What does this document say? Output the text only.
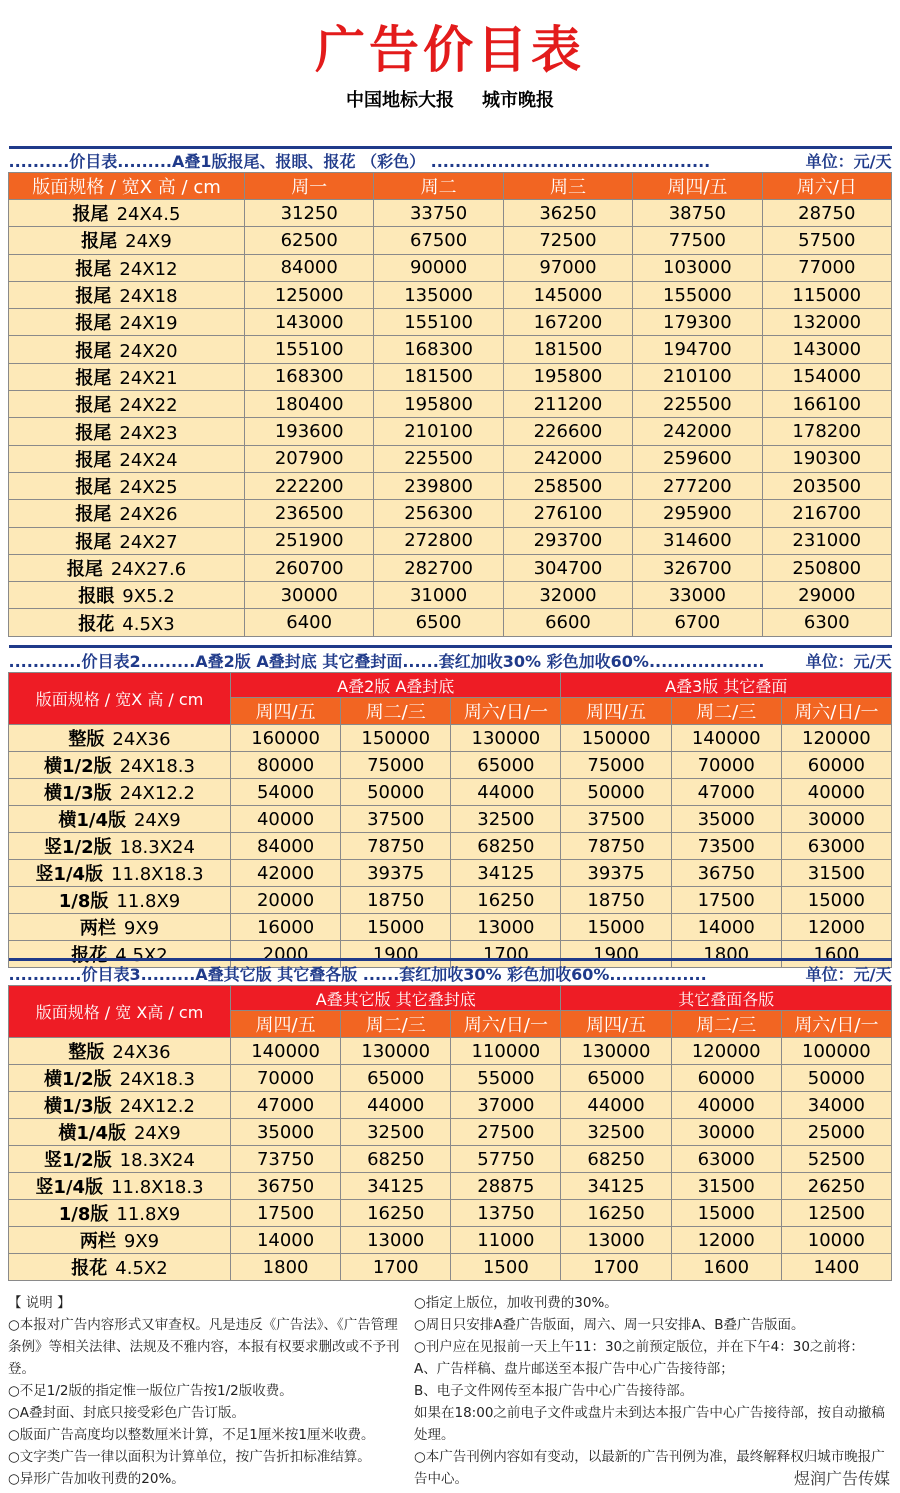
广告价目表
中国地标大报 城市晚报
..........价目表.........A叠1版报尾、报眼、报花 （彩色） .............................................. 单位：元/天					

版面规格 / 宽X 高 / cm	周一	周二	周三	周四/五	周六/日
报尾 24X4.5	31250	33750	36250	38750	28750
报尾 24X9	62500	67500	72500	77500	57500
报尾 24X12	84000	90000	97000	103000	77000
报尾 24X18	125000	135000	145000	155000	115000
报尾 24X19	143000	155100	167200	179300	132000
报尾 24X20	155100	168300	181500	194700	143000
报尾 24X21	168300	181500	195800	210100	154000
报尾 24X22	180400	195800	211200	225500	166100
报尾 24X23	193600	210100	226600	242000	178200
报尾 24X24	207900	225500	242000	259600	190300
报尾 24X25	222200	239800	258500	277200	203500
报尾 24X26	236500	256300	276100	295900	216700
报尾 24X27	251900	272800	293700	314600	231000
报尾 24X27.6	260700	282700	304700	326700	250800
报眼 9X5.2	30000	31000	32000	33000	29000
报花 4.5X3	6400	6500	6600	6700	6300
............价目表2.........A叠2版 A叠封底 其它叠封面......套红加收30% 彩色加收60%................... 单位：元/天						

版面规格 / 宽X 高 / cm	A叠2版 A叠封底			A叠3版 其它叠面		
	周四/五	周二/三	周六/日/一	周四/五	周二/三	周六/日/一
整版 24X36	160000	150000	130000	150000	140000	120000
横1/2版 24X18.3	80000	75000	65000	75000	70000	60000
横1/3版 24X12.2	54000	50000	44000	50000	47000	40000
横1/4版 24X9	40000	37500	32500	37500	35000	30000
竖1/2版 18.3X24	84000	78750	68250	78750	73500	63000
竖1/4版 11.8X18.3	42000	39375	34125	39375	36750	31500
1/8版 11.8X9	20000	18750	16250	18750	17500	15000
两栏 9X9	16000	15000	13000	15000	14000	12000
报花 4.5X2	2000	1900	1700	1900	1800	1600
............价目表3.........A叠其它版 其它叠各版 ......套红加收30% 彩色加收60%................ 单位：元/天						

版面规格 / 宽 X高 / cm	A叠其它版 其它叠封底			其它叠面各版		
	周四/五	周二/三	周六/日/一	周四/五	周二/三	周六/日/一
整版 24X36	140000	130000	110000	130000	120000	100000
横1/2版 24X18.3	70000	65000	55000	65000	60000	50000
横1/3版 24X12.2	47000	44000	37000	44000	40000	34000
横1/4版 24X9	35000	32500	27500	32500	30000	25000
竖1/2版 18.3X24	73750	68250	57750	68250	63000	52500
竖1/4版 11.8X18.3	36750	34125	28875	34125	31500	26250
1/8版 11.8X9	17500	16250	13750	16250	15000	12500
两栏 9X9	14000	13000	11000	13000	12000	10000
报花 4.5X2	1800	1700	1500	1700	1600	1400

【 说明 】

○本报对广告内容形式又审查权。凡是违反《广告法》、《广告管理条例》等相关法律、法规及不雅内容，本报有权要求删改或不予刊登。

○不足1/2版的指定惟一版位广告按1/2版收费。

○A叠封面、封底只接受彩色广告订版。

○版面广告高度均以整数厘米计算，不足1厘米按1厘米收费。

○文字类广告一律以面积为计算单位，按广告折扣标准结算。

○异形广告加收刊费的20%。

○指定上版位，加收刊费的30%。

○周日只安排A叠广告版面，周六、周一只安排A、B叠广告版面。

○刊户应在见报前一天上午11：30之前预定版位，并在下午4：30之前将：

A、广告样稿、盘片邮送至本报广告中心广告接待部；

B、电子文件网传至本报广告中心广告接待部。

如果在18:00之前电子文件或盘片未到达本报广告中心广告接待部，按自动撤稿处理。

○本广告刊例内容如有变动，以最新的广告刊例为准，最终解释权归城市晚报广告中心。	煜润广告传媒
